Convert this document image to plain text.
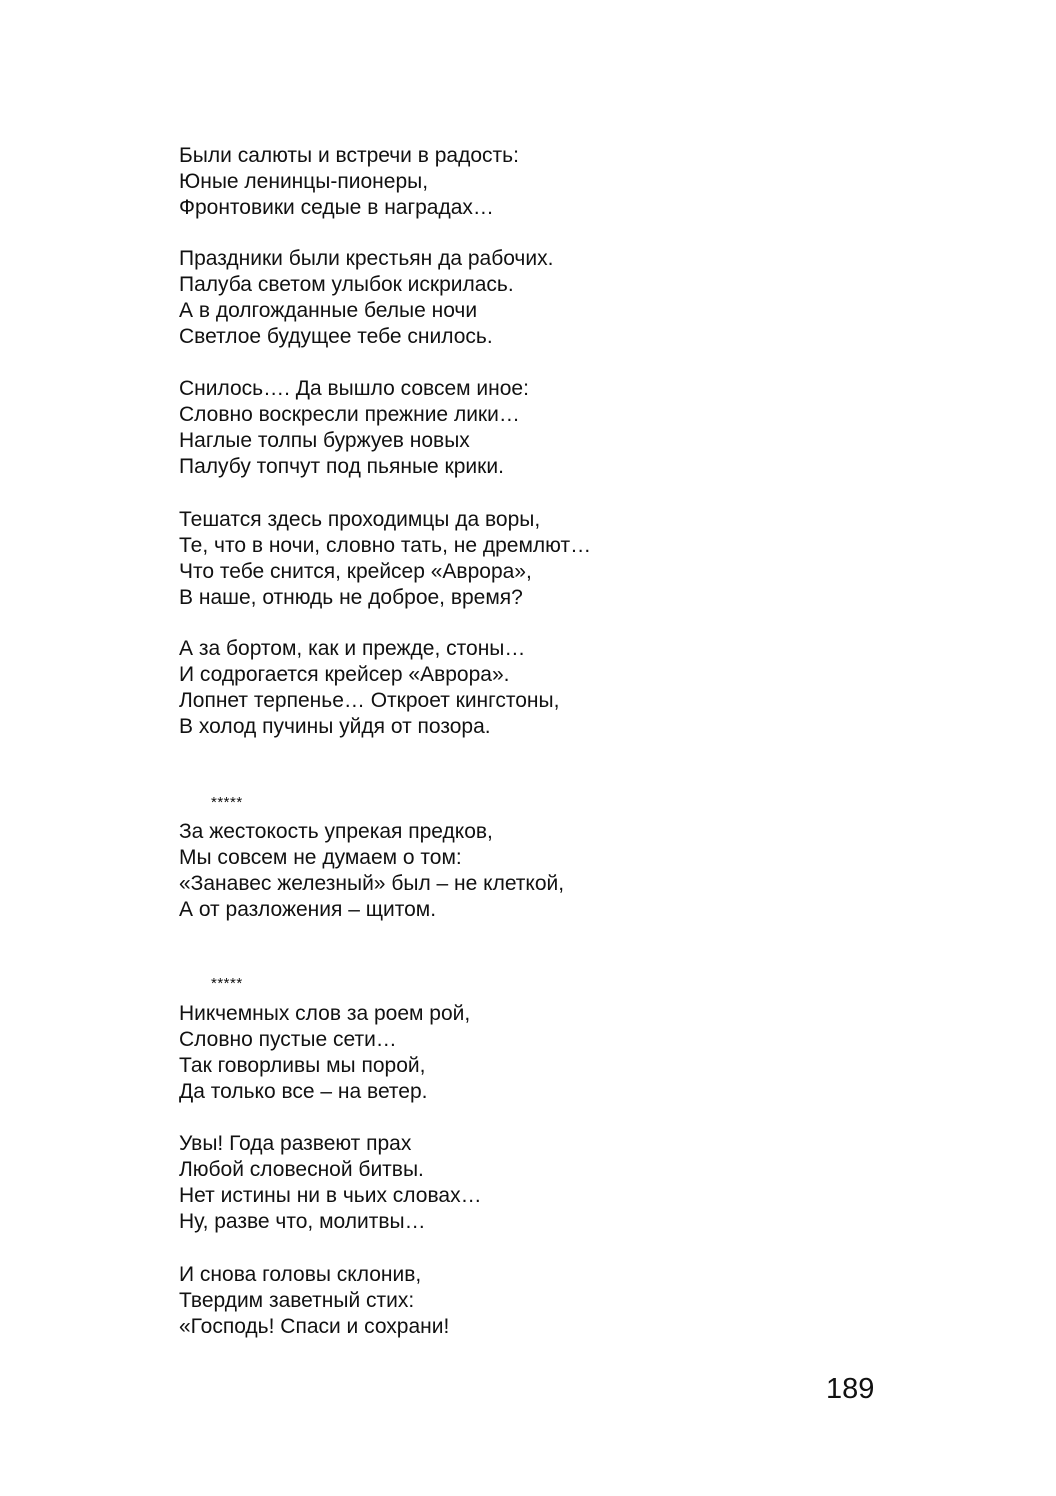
Были салюты и встречи в радость:
Юные ленинцы-пионеры,
Фронтовики седые в наградах…
Праздники были крестьян да рабочих.
Палуба светом улыбок искрилась.
А в долгожданные белые ночи
Светлое будущее тебе снилось.
Снилось…. Да вышло совсем иное:
Словно воскресли прежние лики…
Наглые толпы буржуев новых
Палубу топчут под пьяные крики.
Тешатся здесь проходимцы да воры,
Те, что в ночи, словно тать, не дремлют…
Что тебе снится, крейсер «Аврора»,
В наше, отнюдь не доброе, время?
А за бортом, как и прежде, стоны…
И содрогается крейсер «Аврора».
Лопнет терпенье… Откроет кингстоны,
В холод пучины уйдя от позора.
*****
За жестокость упрекая предков,
Мы совсем не думаем о том:
«Занавес железный» был – не клеткой,
А от разложения – щитом.
*****
Никчемных слов за роем рой,
Словно пустые сети…
Так говорливы мы порой,
Да только все – на ветер.
Увы! Года развеют прах
Любой словесной битвы.
Нет истины ни в чьих словах…
Ну, разве что, молитвы…
И снова головы склонив,
Твердим заветный стих:
«Господь! Спаси и сохрани!
189
